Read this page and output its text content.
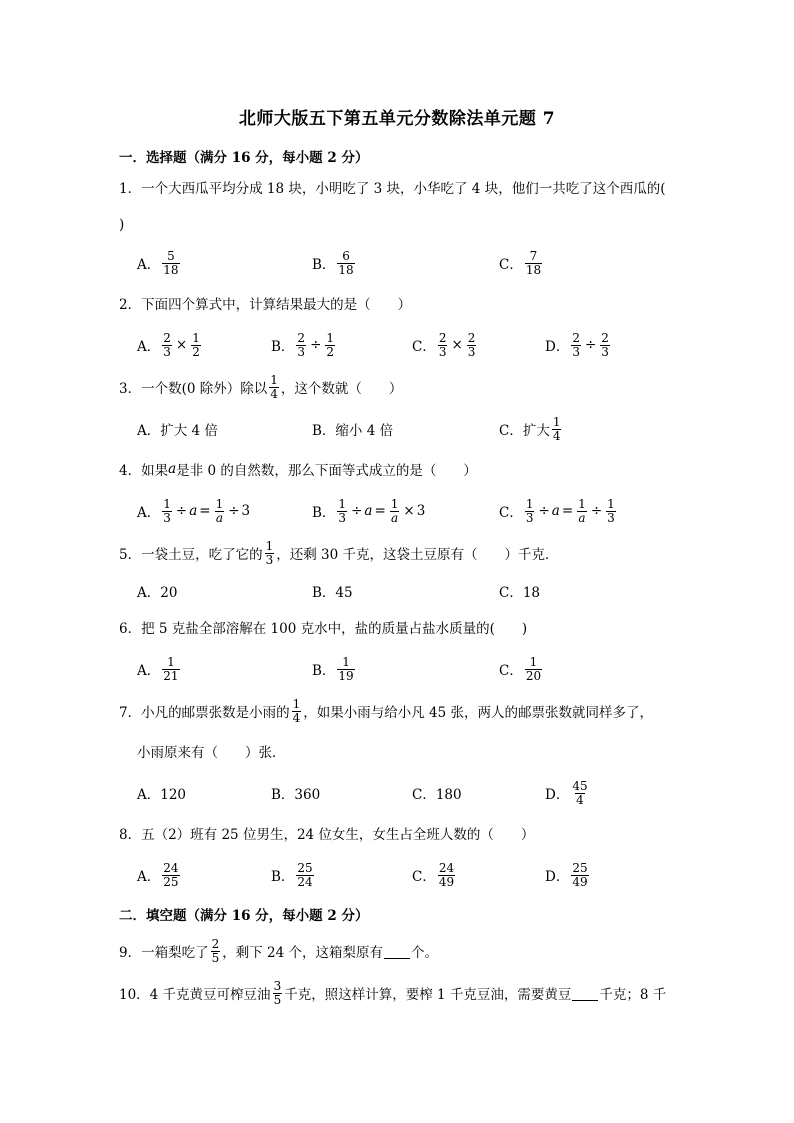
北师大版五下第五单元分数除法单元题 7
一．选择题（满分 16 分，每小题 2 分）
1．一个大西瓜平均分成 18 块，小明吃了 3 块，小华吃了 4 块，他们一共吃了这个西瓜的(
)
A． $\frac{5}{18}$	B． $\frac{6}{18}$	C． $\frac{7}{18}$
2．下面四个算式中，计算结果最大的是（　　）
A． $\frac{2}{3} \times \frac{1}{2}$	B． $\frac{2}{3} \div \frac{1}{2}$	C． $\frac{2}{3} \times \frac{2}{3}$	D． $\frac{2}{3} \div \frac{2}{3}$
3．一个数(0 除外）除以 $\frac{1}{4}$ ，这个数就（　　）
A．扩大 4 倍	B．缩小 4 倍	C．扩大 $\frac{1}{4}$
4．如果 a 是非 0 的自然数，那么下面等式成立的是（　　）
A． $\frac{1}{3} \div a = \frac{1}{a} \div 3$	B． $\frac{1}{3} \div a = \frac{1}{a} \times 3$	C． $\frac{1}{3} \div a = \frac{1}{a} \div \frac{1}{3}$
5．一袋土豆，吃了它的 $\frac{1}{3}$ ，还剩 30 千克，这袋土豆原有（　　）千克．
A．20	B．45	C．18
6．把 5 克盐全部溶解在 100 克水中，盐的质量占盐水质量的(　　)
A． $\frac{1}{21}$	B． $\frac{1}{19}$	C． $\frac{1}{20}$
7．小凡的邮票张数是小雨的 $\frac{1}{4}$ ，如果小雨与给小凡 45 张，两人的邮票张数就同样多了，
小雨原来有（　　）张．
A．120	B．360	C．180	D． $\frac{45}{4}$
8．五（2）班有 25 位男生，24 位女生，女生占全班人数的（　　）
A． $\frac{24}{25}$	B． $\frac{25}{24}$	C． $\frac{24}{49}$	D． $\frac{25}{49}$
二．填空题（满分 16 分，每小题 2 分）
9．一箱梨吃了 $\frac{2}{5}$ ，剩下 24 个，这箱梨原有 个。
10．4 千克黄豆可榨豆油 $\frac{3}{5}$ 千克，照这样计算，要榨 1 千克豆油，需要黄豆 千克；8 千
